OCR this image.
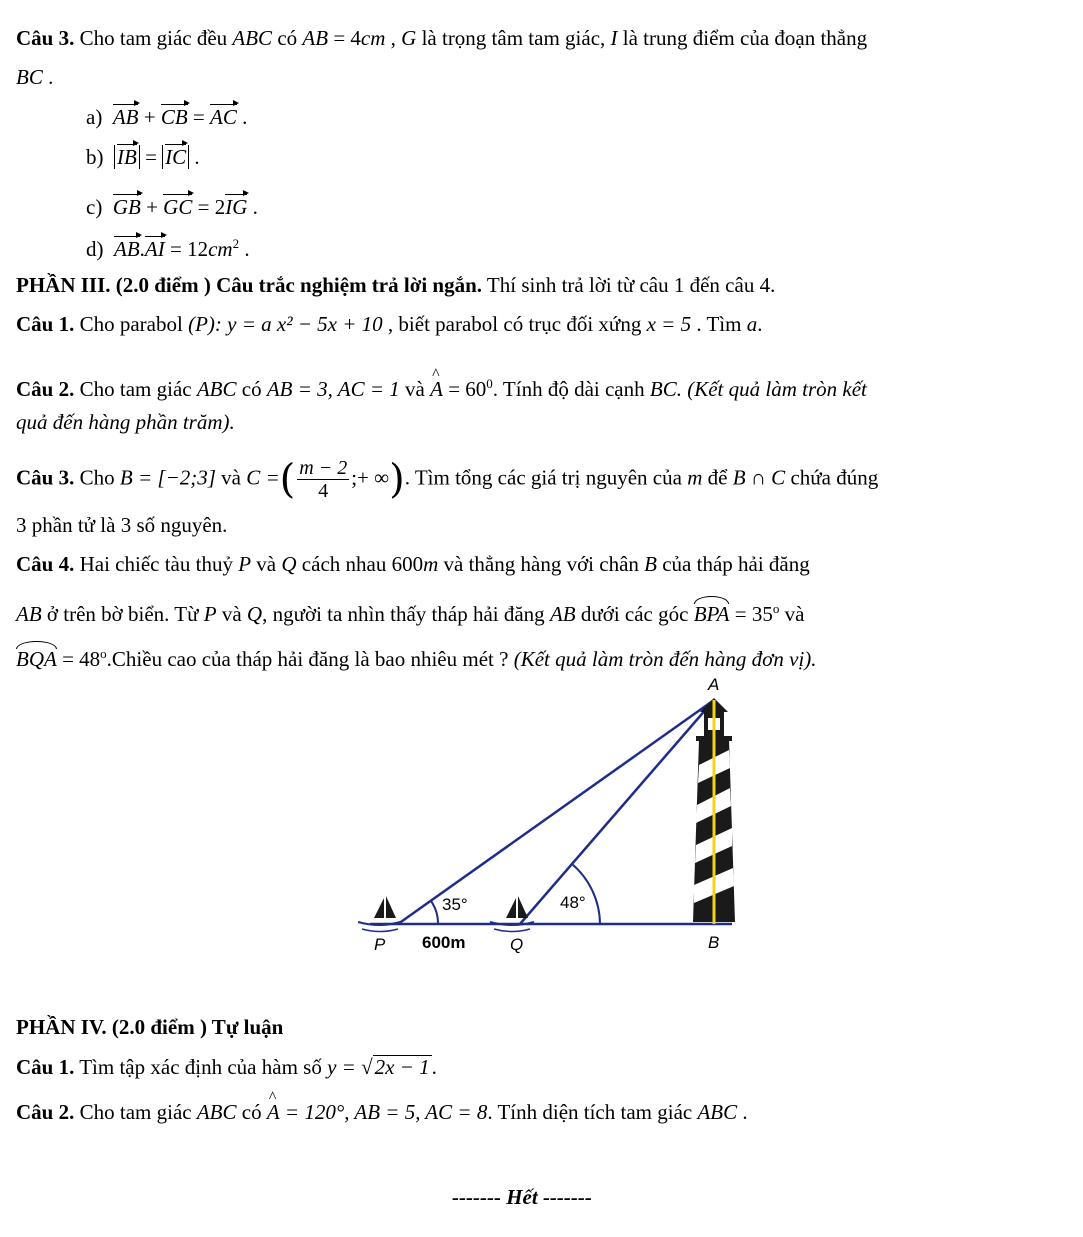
Câu 3. Cho tam giác đều ABC có AB = 4cm , G là trọng tâm tam giác, I là trung điểm của đoạn thẳng
BC .
a) AB + CB = AC .
b) IB = IC .
c) GB + GC = 2IG .
d) $AB.AI = 12cm^2$ .
PHẦN III. (2.0 điểm ) Câu trắc nghiệm trả lời ngắn. Thí sinh trả lời từ câu 1 đến câu 4.
Câu 1. Cho parabol (P): y = a x² − 5x + 10 , biết parabol có trục đối xứng x = 5 . Tìm a.
Câu 2. Cho tam giác ABC có AB = 3, AC = 1 và ^ $A = 60^0$. Tính độ dài cạnh BC. (Kết quả làm tròn kết
quả đến hàng phần trăm).
Câu 3. Cho B = [−2;3] và C =( $\frac{m - 2}{4}$ ;+ ∞). Tìm tổng các giá trị nguyên của m để B ∩ C chứa đúng
3 phần tử là 3 số nguyên.
Câu 4. Hai chiếc tàu thuỷ P và Q cách nhau 600m và thẳng hàng với chân B của tháp hải đăng
AB ở trên bờ biển. Từ P và Q, người ta nhìn thấy tháp hải đăng AB dưới các góc BPA = $35^o$ và
BQA = $48^o.Chiều$ cao của tháp hải đăng là bao nhiêu mét ? (Kết quả làm tròn đến hàng đơn vị).
A
P	Q	B
600m
35°	48°
PHẦN IV. (2.0 điểm ) Tự luận
Câu 1. Tìm tập xác định của hàm số y = √2x − 1.
Câu 2. Cho tam giác ABC có ^ A = 120°, AB = 5, AC = 8. Tính diện tích tam giác ABC .
------- Hết -------
